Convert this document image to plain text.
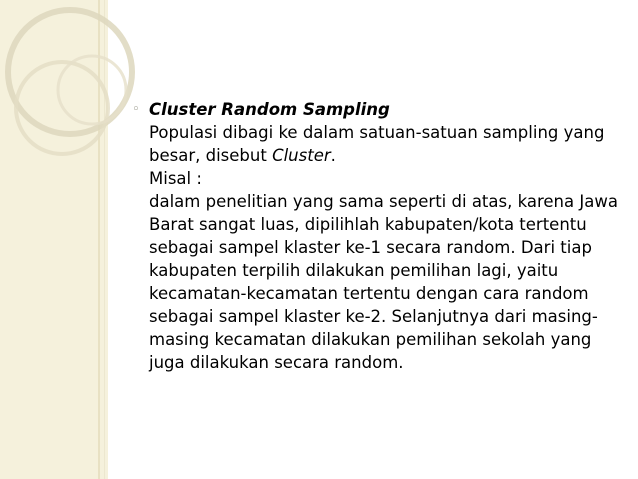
◦ Cluster Random Sampling

Populasi dibagi ke dalam satuan-satuan sampling yang besar, disebut Cluster.

Misal :

dalam penelitian yang sama seperti di atas, karena Jawa Barat sangat luas, dipilihlah kabupaten/kota tertentu sebagai sampel klaster ke-1 secara random. Dari tiap kabupaten terpilih dilakukan pemilihan lagi, yaitu kecamatan-kecamatan tertentu dengan cara random sebagai sampel klaster ke-2. Selanjutnya dari masing-masing kecamatan dilakukan pemilihan sekolah yang juga dilakukan secara random.
